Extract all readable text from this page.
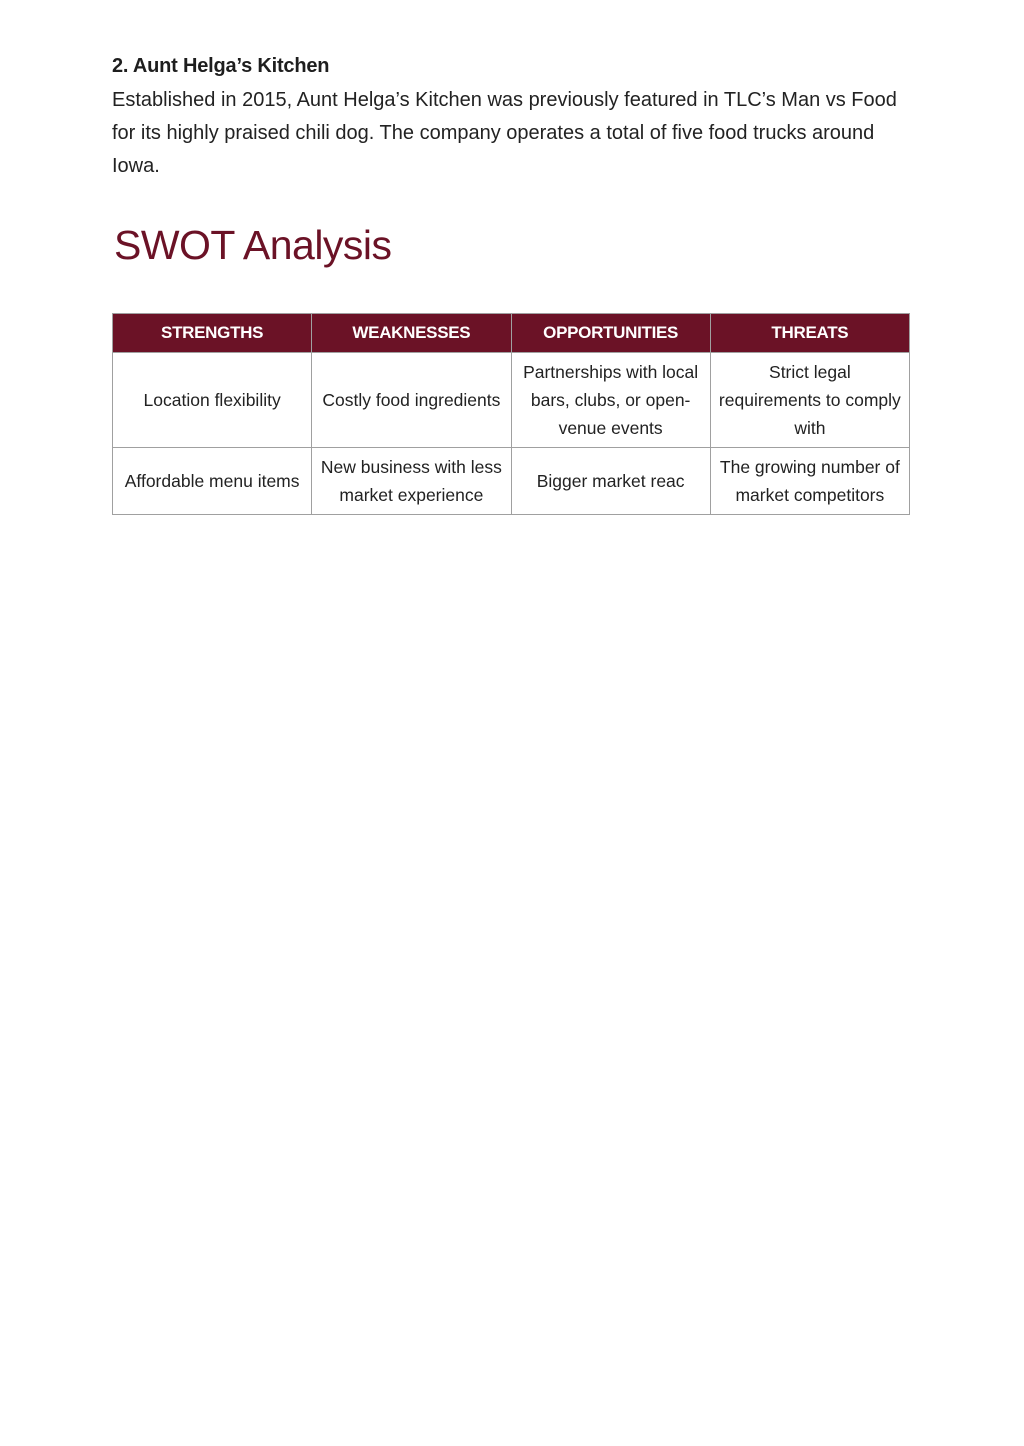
2. Aunt Helga’s Kitchen

Established in 2015, Aunt Helga’s Kitchen was previously featured in TLC’s Man vs Food for its highly praised chili dog. The company operates a total of five food trucks around Iowa.

SWOT Analysis
STRENGTHS	WEAKNESSES	OPPORTUNITIES	THREATS
Location flexibility	Costly food ingredients	Partnerships with local bars, clubs, or open-venue events	Strict legal requirements to comply with
Affordable menu items	New business with less market experience	Bigger market reac	The growing number of market competitors
